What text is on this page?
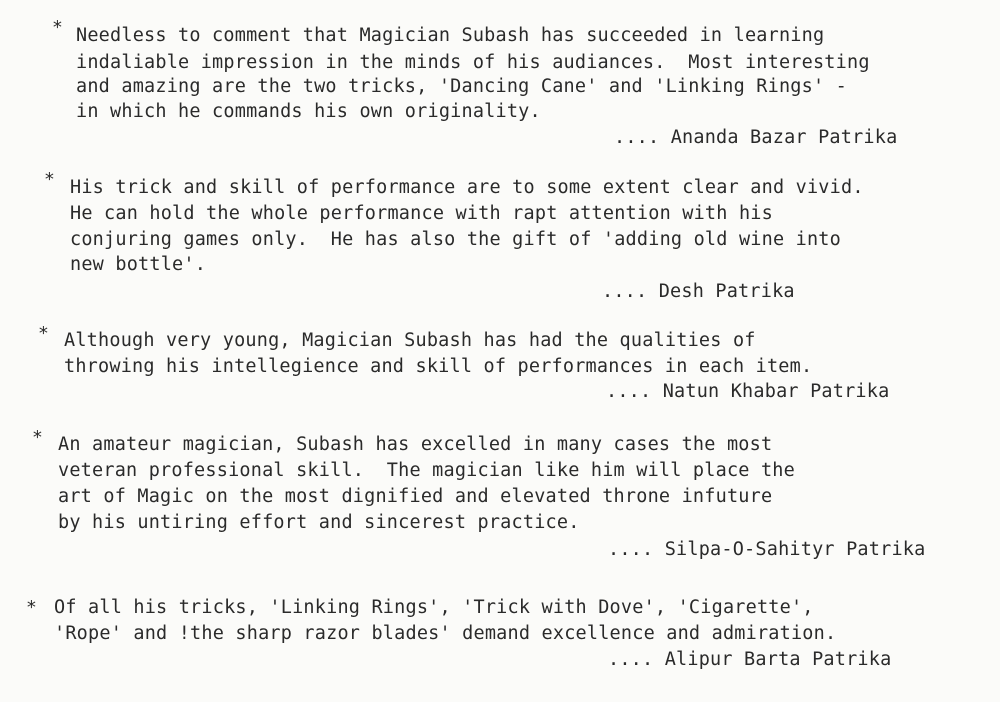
* Needless to comment that Magician Subash has succeeded in learning
indaliable impression in the minds of his audiances.  Most interesting
and amazing are the two tricks, 'Dancing Cane' and 'Linking Rings' -
in which he commands his own originality.
.... Ananda Bazar Patrika
* His trick and skill of performance are to some extent clear and vivid.
He can hold the whole performance with rapt attention with his
conjuring games only.  He has also the gift of 'adding old wine into
new bottle'.
.... Desh Patrika
* Although very young, Magician Subash has had the qualities of
throwing his intellegience and skill of performances in each item.
.... Natun Khabar Patrika
* An amateur magician, Subash has excelled in many cases the most
veteran professional skill.  The magician like him will place the
art of Magic on the most dignified and elevated throne infuture
by his untiring effort and sincerest practice.
.... Silpa-O-Sahityr Patrika
* Of all his tricks, 'Linking Rings', 'Trick with Dove', 'Cigarette',
'Rope' and !the sharp razor blades' demand excellence and admiration.
.... Alipur Barta Patrika
